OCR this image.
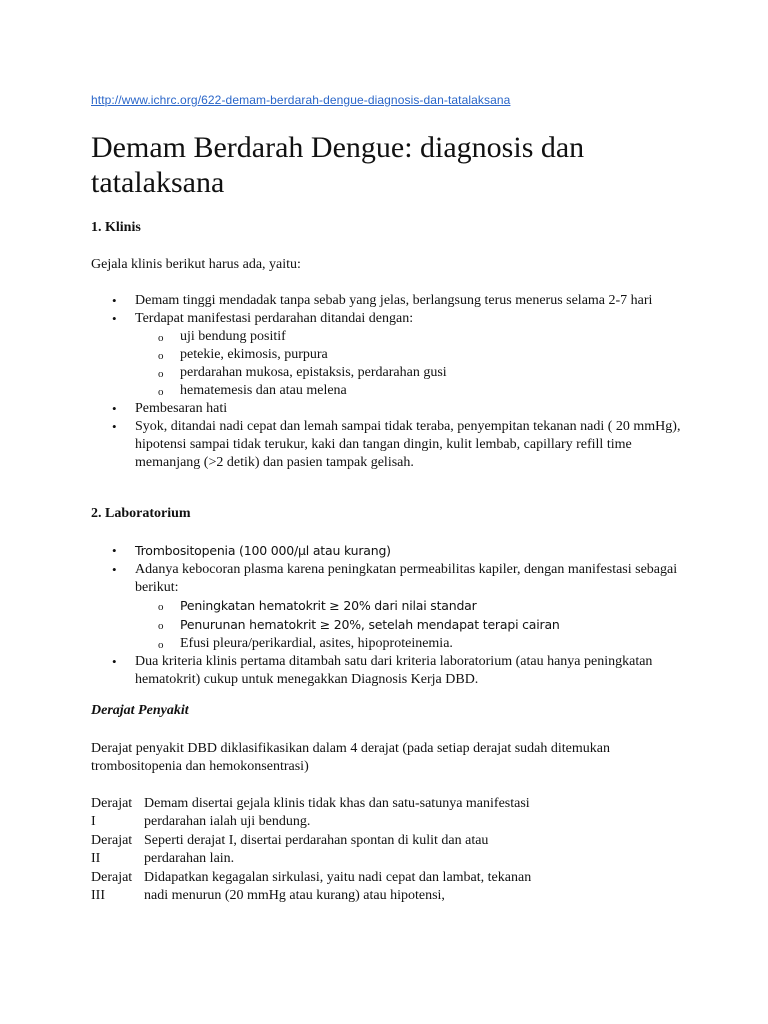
http://www.ichrc.org/622-demam-berdarah-dengue-diagnosis-dan-tatalaksana
Demam Berdarah Dengue: diagnosis dan tatalaksana
1. Klinis
Gejala klinis berikut harus ada, yaitu:
• Demam tinggi mendadak tanpa sebab yang jelas, berlangsung terus menerus selama 2-7 hari
• Terdapat manifestasi perdarahan ditandai dengan:
o uji bendung positif
o petekie, ekimosis, purpura
o perdarahan mukosa, epistaksis, perdarahan gusi
o hematemesis dan atau melena
• Pembesaran hati
• Syok, ditandai nadi cepat dan lemah sampai tidak teraba, penyempitan tekanan nadi ( 20 mmHg), hipotensi sampai tidak terukur, kaki dan tangan dingin, kulit lembab, capillary refill time memanjang (>2 detik) dan pasien tampak gelisah.
2. Laboratorium
• Trombositopenia (100 000/μl atau kurang)
• Adanya kebocoran plasma karena peningkatan permeabilitas kapiler, dengan manifestasi sebagai berikut:
o Peningkatan hematokrit ≥ 20% dari nilai standar
o Penurunan hematokrit ≥ 20%, setelah mendapat terapi cairan
o Efusi pleura/perikardial, asites, hipoproteinemia.
• Dua kriteria klinis pertama ditambah satu dari kriteria laboratorium (atau hanya peningkatan hematokrit) cukup untuk menegakkan Diagnosis Kerja DBD.
Derajat Penyakit
Derajat penyakit DBD diklasifikasikan dalam 4 derajat (pada setiap derajat sudah ditemukan trombositopenia dan hemokonsentrasi)
Derajat
I	Demam disertai gejala klinis tidak khas dan satu-satunya manifestasi perdarahan ialah uji bendung.
Derajat
II	Seperti derajat I, disertai perdarahan spontan di kulit dan atau perdarahan lain.
Derajat
III	Didapatkan kegagalan sirkulasi, yaitu nadi cepat dan lambat, tekanan nadi menurun (20 mmHg atau kurang) atau hipotensi,
